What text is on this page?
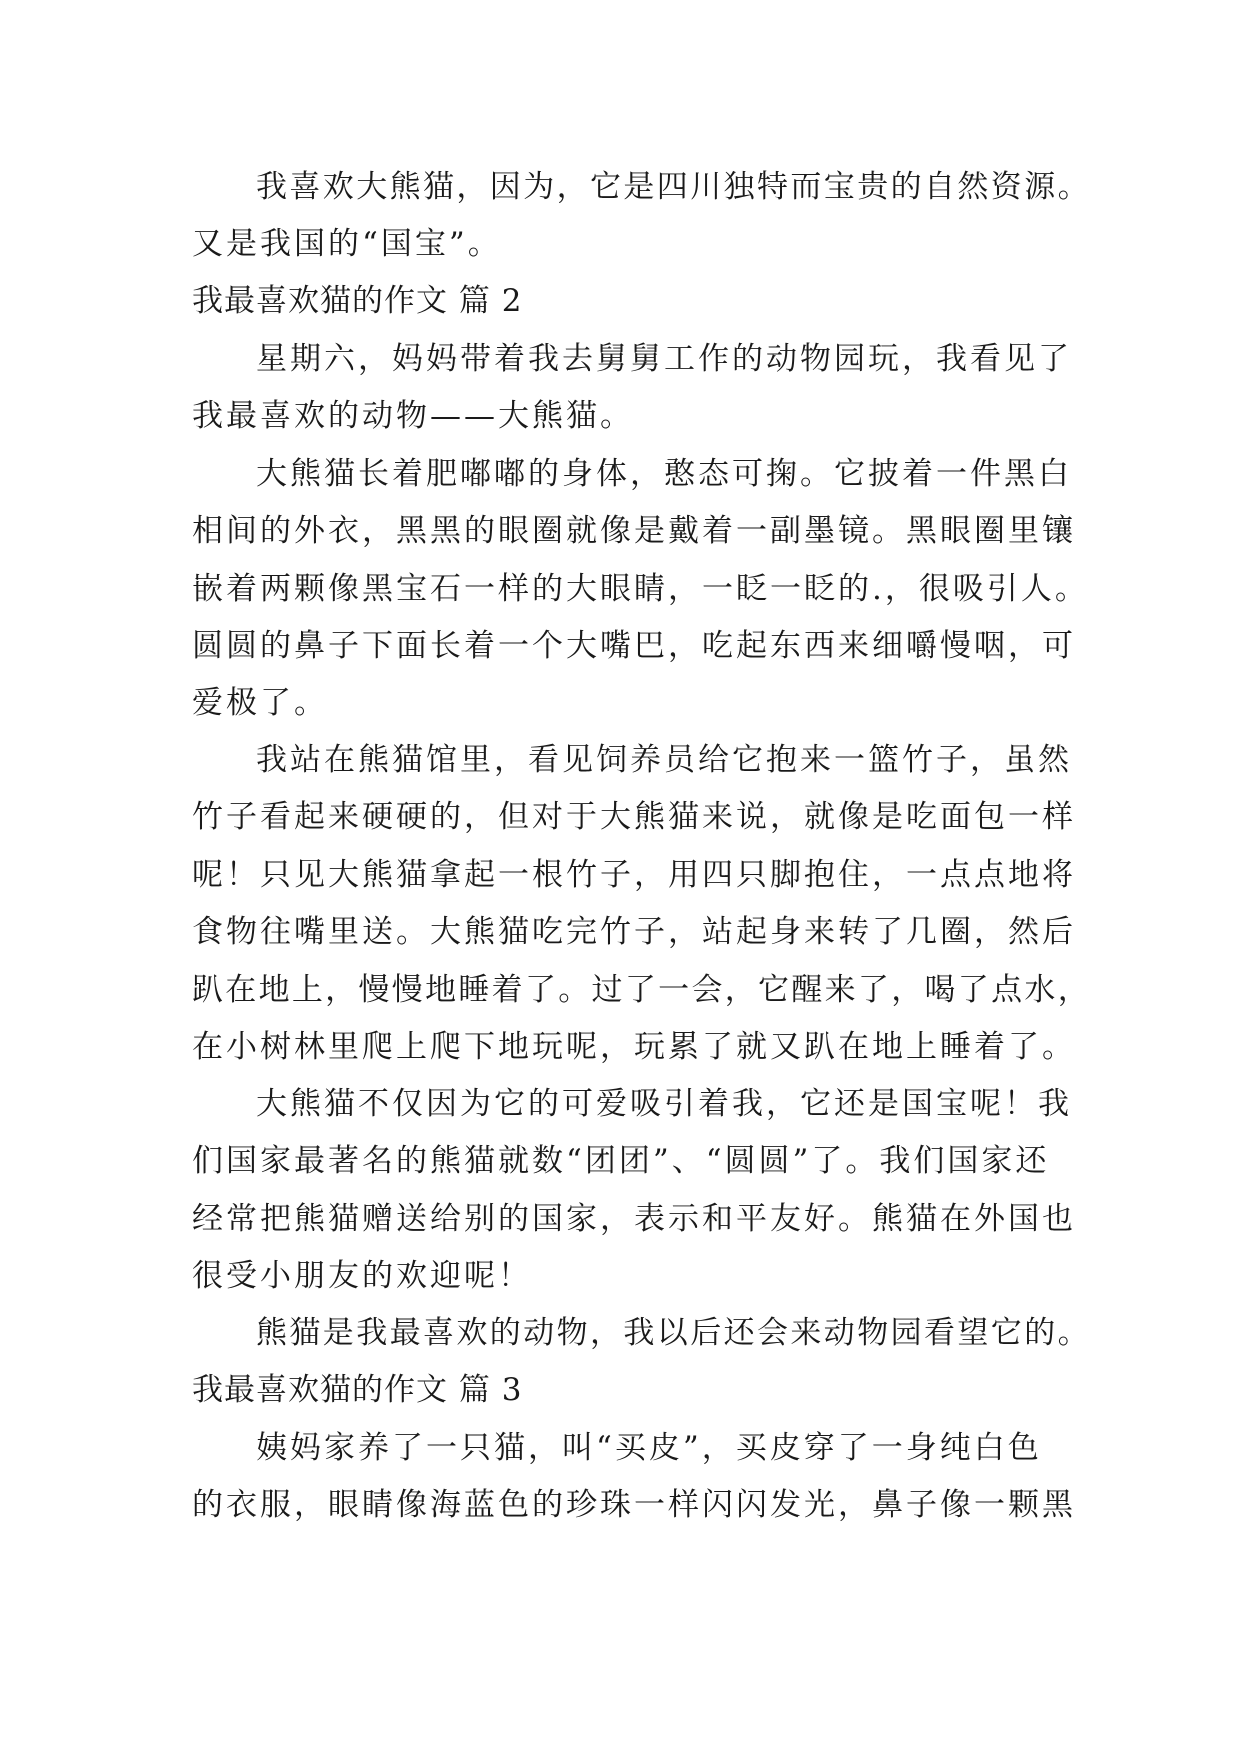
我喜欢大熊猫，因为，它是四川独特而宝贵的自然资源。
又是我国的“国宝”。
我最喜欢猫的作文 篇 2
星期六，妈妈带着我去舅舅工作的动物园玩，我看见了
我最喜欢的动物——大熊猫。
大熊猫长着肥嘟嘟的身体，憨态可掬。它披着一件黑白
相间的外衣，黑黑的眼圈就像是戴着一副墨镜。黑眼圈里镶
嵌着两颗像黑宝石一样的大眼睛，一眨一眨的.，很吸引人。
圆圆的鼻子下面长着一个大嘴巴，吃起东西来细嚼慢咽，可
爱极了。
我站在熊猫馆里，看见饲养员给它抱来一篮竹子，虽然
竹子看起来硬硬的，但对于大熊猫来说，就像是吃面包一样
呢！只见大熊猫拿起一根竹子，用四只脚抱住，一点点地将
食物往嘴里送。大熊猫吃完竹子，站起身来转了几圈，然后
趴在地上，慢慢地睡着了。过了一会，它醒来了，喝了点水，
在小树林里爬上爬下地玩呢，玩累了就又趴在地上睡着了。
大熊猫不仅因为它的可爱吸引着我，它还是国宝呢！我
们国家最著名的熊猫就数“团团”、“圆圆”了。我们国家还
经常把熊猫赠送给别的国家，表示和平友好。熊猫在外国也
很受小朋友的欢迎呢！
熊猫是我最喜欢的动物，我以后还会来动物园看望它的。
我最喜欢猫的作文 篇 3
姨妈家养了一只猫，叫“买皮”，买皮穿了一身纯白色
的衣服，眼睛像海蓝色的珍珠一样闪闪发光，鼻子像一颗黑
